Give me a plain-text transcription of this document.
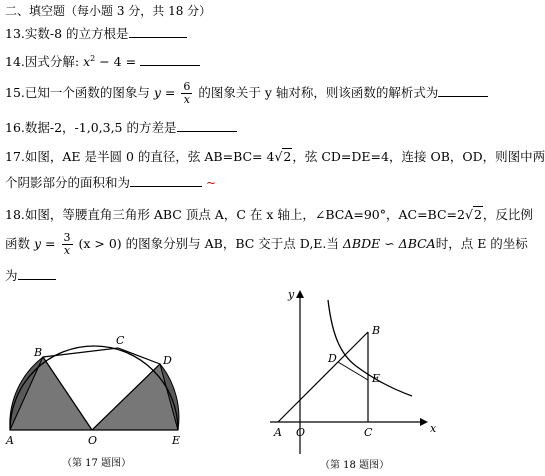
二、填空题（每小题 3 分，共 18 分）
13.实数-8 的立方根是
14.因式分解: $x^2 - 4$ =
15.已知一个函数的图象与 $y = \frac{6}{x}$ 的图象关于 y 轴对称，则该函数的解析式为
16.数据-2，-1,0,3,5 的方差是
17.如图，AE 是半圆 0 的直径，弦 AB=BC= 4√2，弦 CD=DE=4，连接 OB，OD，则图中两
个阴影部分的面积和为	~
18.如图，等腰直角三角形 ABC 顶点 A，C 在 x 轴上，∠BCA=90°，AC=BC=2√2，反比例
函数 $y = \frac{3}{x} (x > 0)$ 的图象分别与 AB，BC 交于点 D,E.当 ΔBDE ∽ ΔBCA时，点 E 的坐标
为
A
B
C
D
O	E
（第 17 题图）
y
x
A O
B
C
D
E
（第 18 题图）
